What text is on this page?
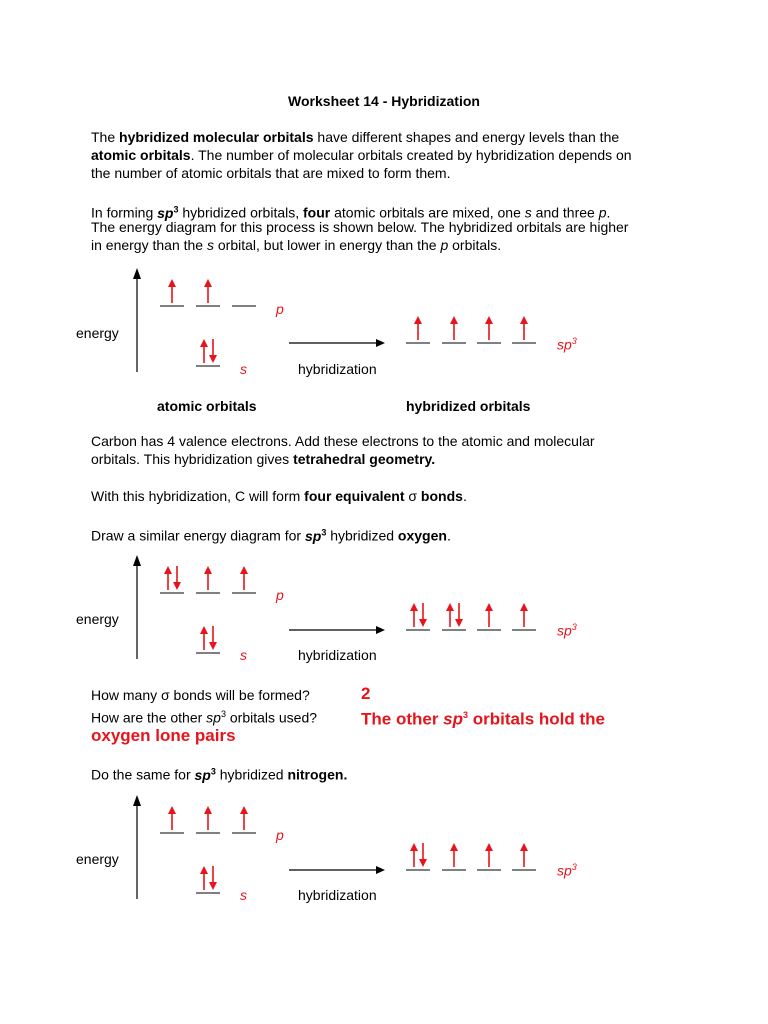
Worksheet 14 - Hybridization

The hybridized molecular orbitals have different shapes and energy levels than the

atomic orbitals. The number of molecular orbitals created by hybridization depends on

the number of atomic orbitals that are mixed to form them.

In forming $sp^3$ hybridized orbitals, four atomic orbitals are mixed, one s and three p.

The energy diagram for this process is shown below. The hybridized orbitals are higher

in energy than the s orbital, but lower in energy than the p orbitals.

energy
p
s	hybridization
$sp^3$
atomic orbitals	hybridized orbitals

Carbon has 4 valence electrons. Add these electrons to the atomic and molecular

orbitals. This hybridization gives tetrahedral geometry.

With this hybridization, C will form four equivalent σ bonds.

Draw a similar energy diagram for $sp^3$ hybridized oxygen.

energy
p
s	hybridization
$sp^3$

How many σ bonds will be formed?

How are the other $sp^3$ orbitals used?

2

The other $sp^3$ orbitals hold the

oxygen lone pairs

Do the same for $sp^3$ hybridized nitrogen.

energy
p
s	hybridization
$sp^3$
